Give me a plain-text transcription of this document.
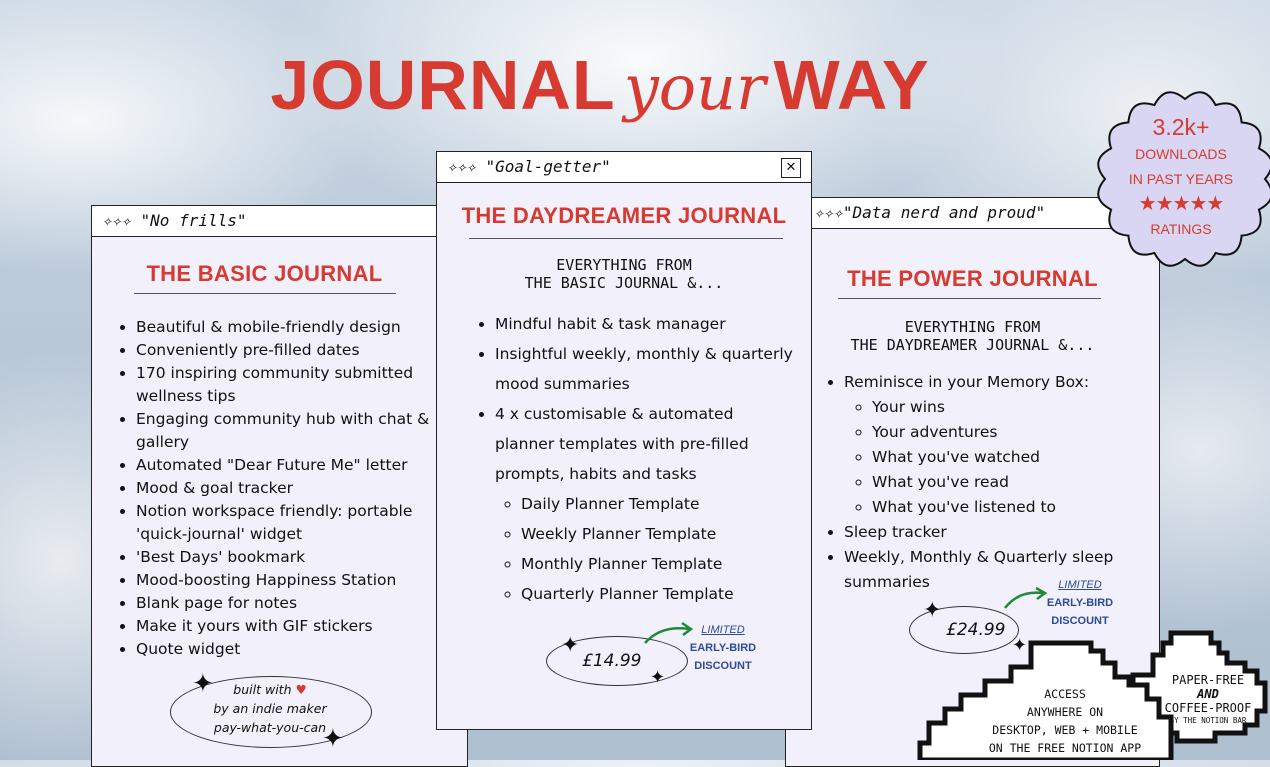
JOURNAL your WAY
✧✧✧"Data nerd and proud"
THE POWER JOURNAL
EVERYTHING FROM
THE DAYDREAMER JOURNAL &...
• Reminisce in your Memory Box:
◦ Your wins
◦ Your adventures
◦ What you've watched
◦ What you've read
◦ What you've listened to
• Sleep tracker
• Weekly, Monthly & Quarterly sleep summaries
£24.99
✦
✦
LIMITED
EARLY-BIRD
DISCOUNT
✧✧✧ "No frills"
THE BASIC JOURNAL
• Beautiful & mobile-friendly design
• Conveniently pre-filled dates
• 170 inspiring community submitted wellness tips
• Engaging community hub with chat & gallery
• Automated "Dear Future Me" letter
• Mood & goal tracker
• Notion workspace friendly: portable 'quick-journal' widget
• 'Best Days' bookmark
• Mood-boosting Happiness Station
• Blank page for notes
• Make it yours with GIF stickers
• Quote widget
built with ♥
by an indie maker
pay-what-you-can
✦
✦
✧✧✧ "Goal-getter"	✕
THE DAYDREAMER JOURNAL
EVERYTHING FROM
THE BASIC JOURNAL &...
• Mindful habit & task manager
• Insightful weekly, monthly & quarterly mood summaries
• 4 x customisable & automated planner templates with pre-filled prompts, habits and tasks
◦ Daily Planner Template
◦ Weekly Planner Template
◦ Monthly Planner Template
◦ Quarterly Planner Template
£14.99
✦
✦
LIMITED
EARLY-BIRD
DISCOUNT
3.2k+
DOWNLOADS
IN PAST YEARS
★★★★★
RATINGS
ACCESS
ANYWHERE ON
DESKTOP, WEB + MOBILE
ON THE FREE NOTION APP
PAPER-FREE
AND
COFFEE-PROOF
BY THE NOTION BAR
